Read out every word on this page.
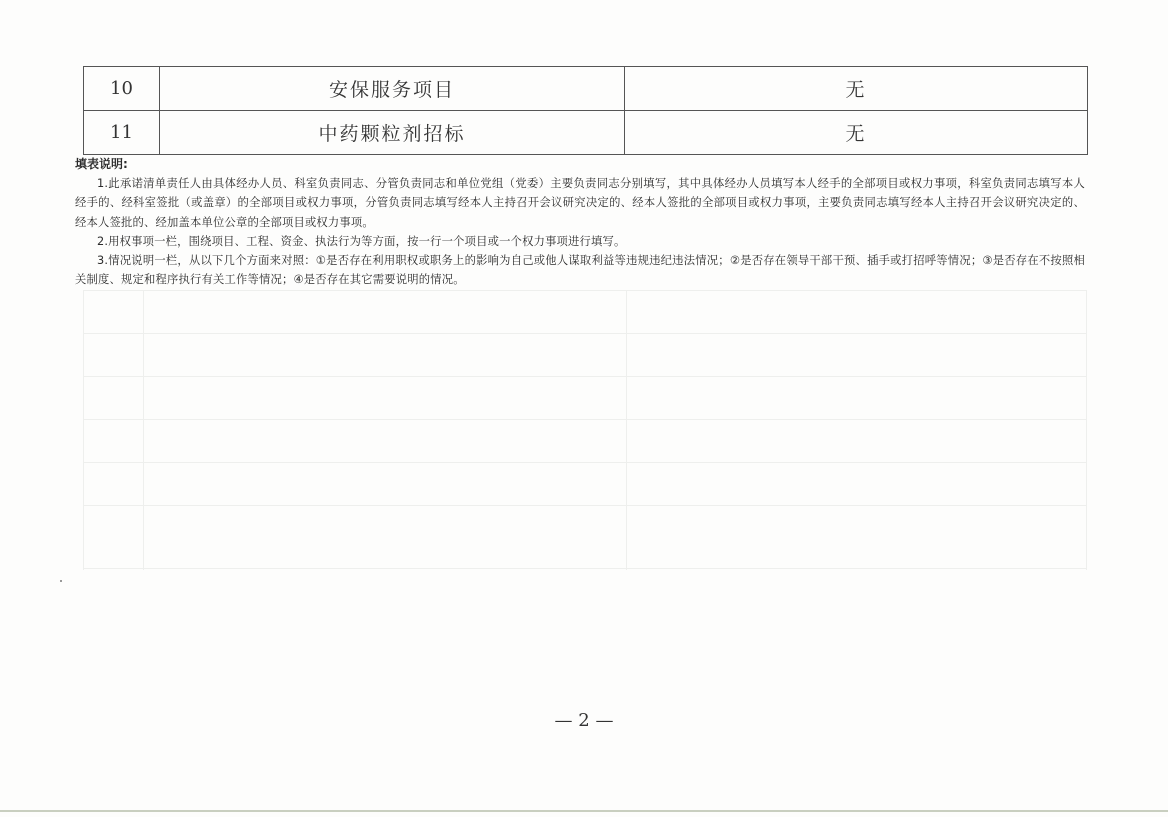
10	安保服务项目	无
11	中药颗粒剂招标	无
填表说明:

1.此承诺清单责任人由具体经办人员、科室负责同志、分管负责同志和单位党组（党委）主要负责同志分别填写，其中具体经办人员填写本人经手的全部项目或权力事项，科室负责同志填写本人经手的、经科室签批（或盖章）的全部项目或权力事项，分管负责同志填写经本人主持召开会议研究决定的、经本人签批的全部项目或权力事项，主要负责同志填写经本人主持召开会议研究决定的、经本人签批的、经加盖本单位公章的全部项目或权力事项。

2.用权事项一栏，围绕项目、工程、资金、执法行为等方面，按一行一个项目或一个权力事项进行填写。

3.情况说明一栏，从以下几个方面来对照：①是否存在利用职权或职务上的影响为自己或他人谋取利益等违规违纪违法情况；②是否存在领导干部干预、插手或打招呼等情况；③是否存在不按照相关制度、规定和程序执行有关工作等情况；④是否存在其它需要说明的情况。

— 2 —
